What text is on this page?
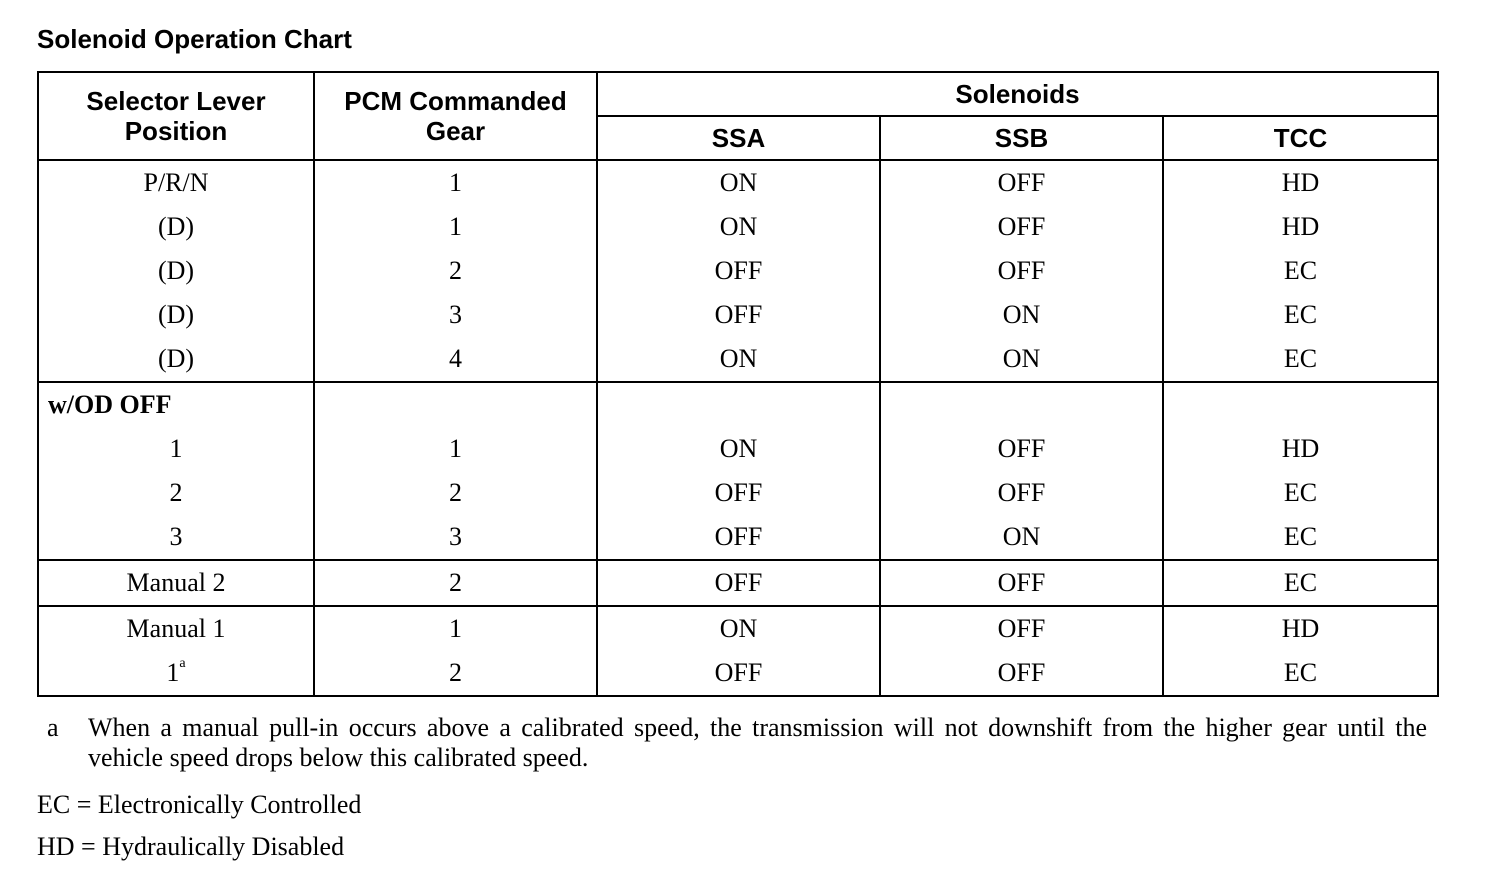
Solenoid Operation Chart
Selector Lever Position	PCM Commanded Gear	Solenoids		
		SSA	SSB	TCC
P/R/N	1	ON	OFF	HD
(D)	1	ON	OFF	HD
(D)	2	OFF	OFF	EC
(D)	3	OFF	ON	EC
(D)	4	ON	ON	EC
w/OD OFF				
1	1	ON	OFF	HD
2	2	OFF	OFF	EC
3	3	OFF	ON	EC
Manual 2	2	OFF	OFF	EC
Manual 1	1	ON	OFF	HD
1$^a$	2	OFF	OFF	EC
a When a manual pull-in occurs above a calibrated speed, the transmission will not downshift from the higher gear until the vehicle speed drops below this calibrated speed.
EC = Electronically Controlled
HD = Hydraulically Disabled
